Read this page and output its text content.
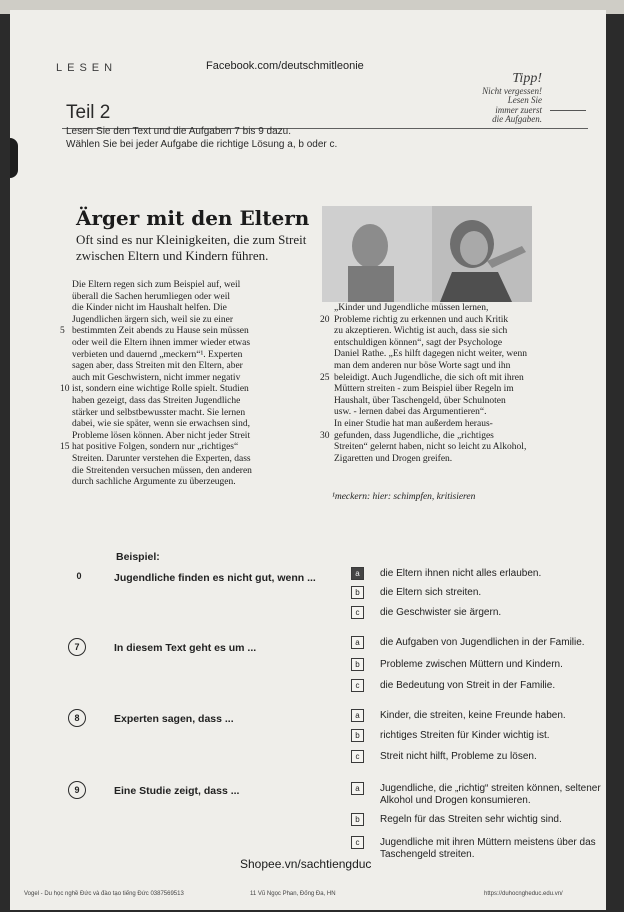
LESEN	Facebook.com/deutschmitleonie
Teil 2
Lesen Sie den Text und die Aufgaben 7 bis 9 dazu.
Wählen Sie bei jeder Aufgabe die richtige Lösung a, b oder c.
Tipp!
Nicht vergessen!
Lesen Sie
immer zuerst
die Aufgaben.
Ärger mit den Eltern
Oft sind es nur Kleinigkeiten, die zum Streit zwischen Eltern und Kindern führen.
Die Eltern regen sich zum Beispiel auf, weil
überall die Sachen herumliegen oder weil
die Kinder nicht im Haushalt helfen. Die
Jugendlichen ärgern sich, weil sie zu einer
5 bestimmten Zeit abends zu Hause sein müssen
oder weil die Eltern ihnen immer wieder etwas
verbieten und dauernd „meckern“¹. Experten
sagen aber, dass Streiten mit den Eltern, aber
auch mit Geschwistern, nicht immer negativ
10 ist, sondern eine wichtige Rolle spielt. Studien
haben gezeigt, dass das Streiten Jugendliche
stärker und selbstbewusster macht. Sie lernen
dabei, wie sie später, wenn sie erwachsen sind,
Probleme lösen können. Aber nicht jeder Streit
15 hat positive Folgen, sondern nur „richtiges“
Streiten. Darunter verstehen die Experten, dass
die Streitenden versuchen müssen, den anderen
durch sachliche Argumente zu überzeugen.
„Kinder und Jugendliche müssen lernen,
20 Probleme richtig zu erkennen und auch Kritik
zu akzeptieren. Wichtig ist auch, dass sie sich
entschuldigen können“, sagt der Psychologe
Daniel Rathe. „Es hilft dagegen nicht weiter, wenn
man dem anderen nur böse Worte sagt und ihn
25 beleidigt. Auch Jugendliche, die sich oft mit ihren
Müttern streiten - zum Beispiel über Regeln im
Haushalt, über Taschengeld, über Schulnoten
usw. - lernen dabei das Argumentieren“.
In einer Studie hat man außerdem heraus-
30 gefunden, dass Jugendliche, die „richtiges
Streiten“ gelernt haben, nicht so leicht zu Alkohol,
Zigaretten und Drogen greifen.
¹meckern: hier: schimpfen, kritisieren
Beispiel:
0	Jugendliche finden es nicht gut, wenn ...	a	die Eltern ihnen nicht alles erlauben.
b	die Eltern sich streiten.
c	die Geschwister sie ärgern.
7	In diesem Text geht es um ...	a	die Aufgaben von Jugendlichen in der Familie.
b	Probleme zwischen Müttern und Kindern.
c	die Bedeutung von Streit in der Familie.
8	Experten sagen, dass ...	a	Kinder, die streiten, keine Freunde haben.
b	richtiges Streiten für Kinder wichtig ist.
c	Streit nicht hilft, Probleme zu lösen.
9	Eine Studie zeigt, dass ...	a	Jugendliche, die „richtig“ streiten können, seltener Alkohol und Drogen konsumieren.
b	Regeln für das Streiten sehr wichtig sind.
c	Jugendliche mit ihren Müttern meistens über das Taschengeld streiten.
Shopee.vn/sachtiengduc
Vogel - Du học nghề Đức và đào tạo tiếng Đức 0387569513	11 Vũ Ngọc Phan, Đống Đa, HN	https://duhocngheduc.edu.vn/
